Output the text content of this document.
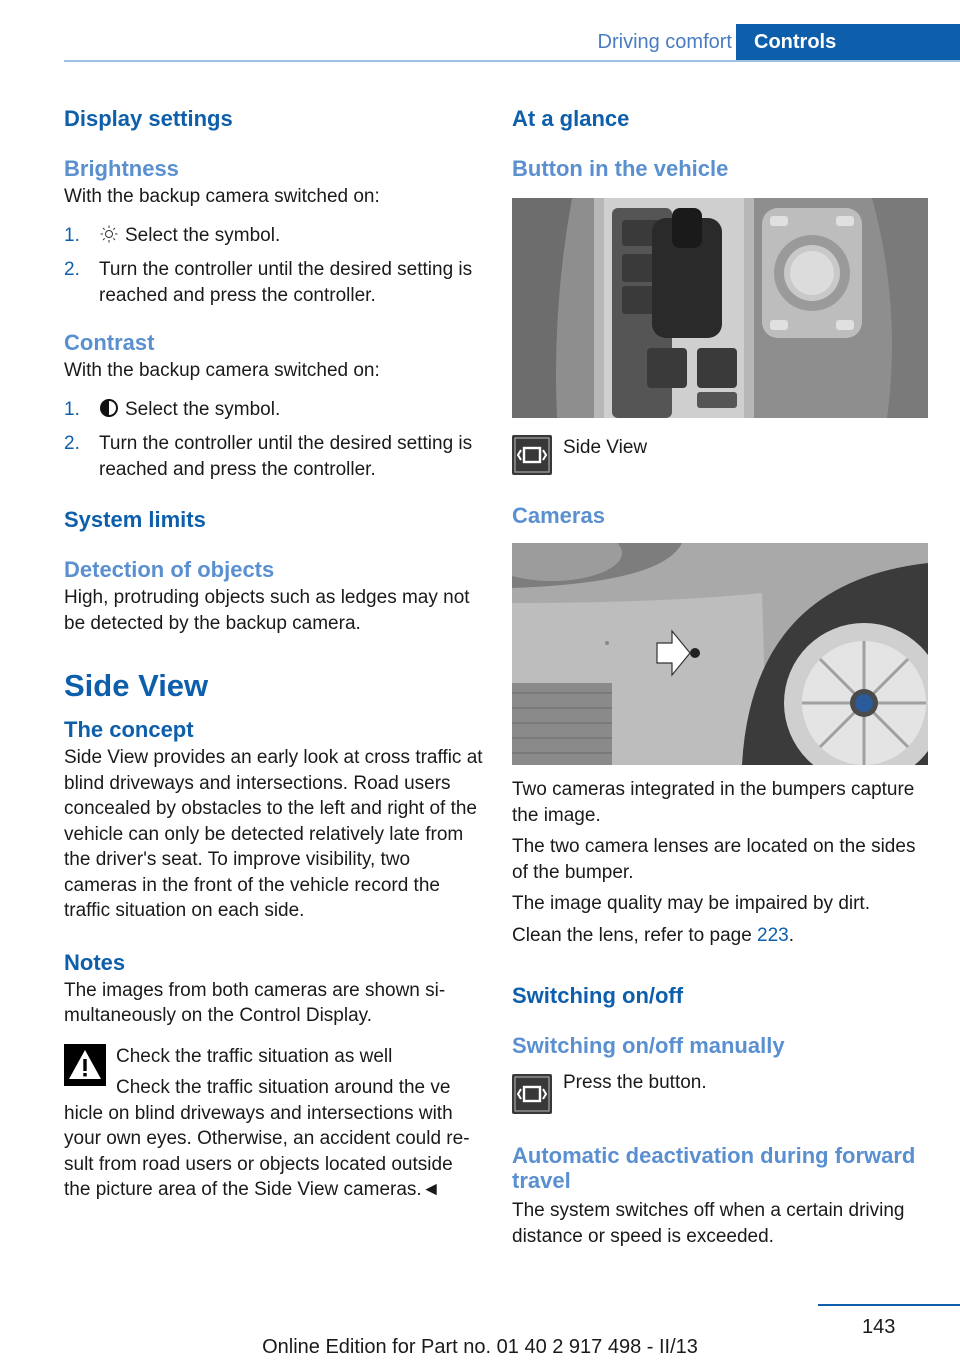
Driving comfort	Controls
Display settings
Brightness

With the backup camera switched on:

1. Select the symbol.
2. Turn the controller until the desired setting is reached and press the controller.
Contrast

With the backup camera switched on:

1. Select the symbol.
2. Turn the controller until the desired setting is reached and press the controller.
System limits
Detection of objects

High, protruding objects such as ledges may not be detected by the backup camera.

Side View
The concept

Side View provides an early look at cross traffic at blind driveways and intersections. Road users concealed by obstacles to the left and right of the vehicle can only be detected relatively late from the driver's seat. To improve visibility, two cameras in the front of the vehicle record the traffic situation on each side.

Notes

The images from both cameras are shown simultaneously on the Control Display.

Check the traffic situation as well
Check the traffic situation around the ve
hicle on blind driveways and intersections with your own eyes. Otherwise, an accident could result from road users or objects located outside the picture area of the Side View cameras.◄
At a glance
Button in the vehicle
Side View
Cameras

Two cameras integrated in the bumpers capture the image.

The two camera lenses are located on the sides of the bumper.

The image quality may be impaired by dirt.

Clean the lens, refer to page 223.

Switching on/off
Switching on/off manually
Press the button.
Automatic deactivation during forward travel

The system switches off when a certain driving distance or speed is exceeded.

143
Online Edition for Part no. 01 40 2 917 498 - II/13
